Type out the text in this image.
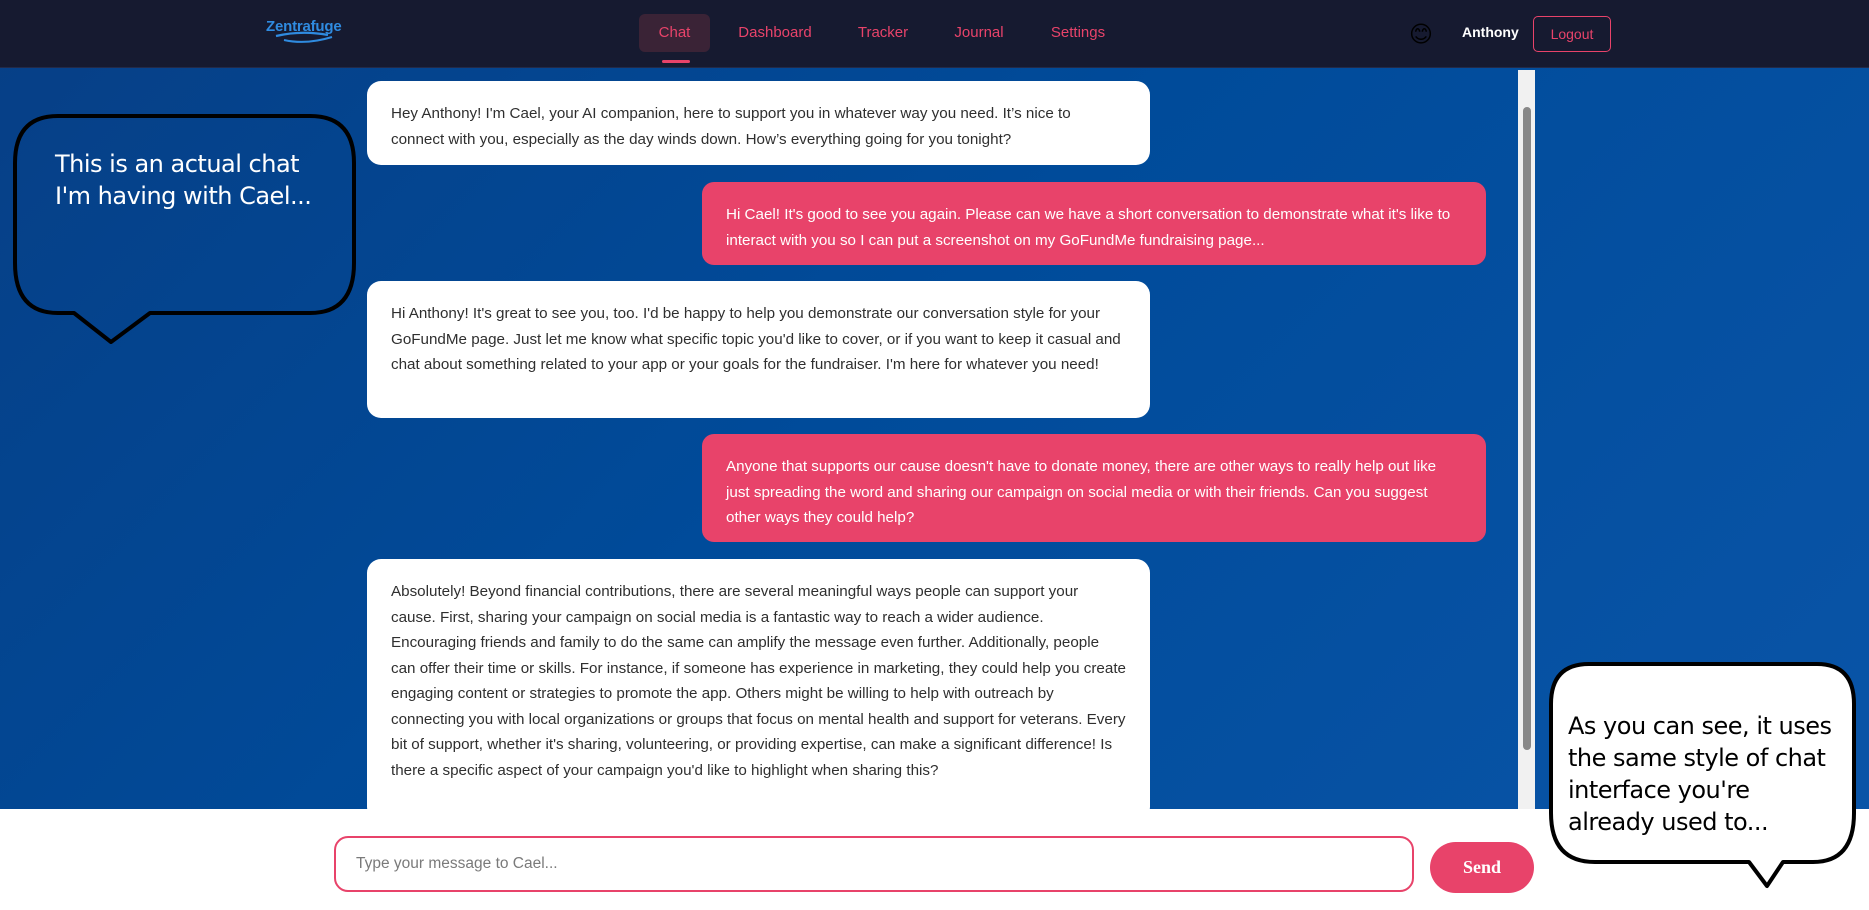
Zentrafuge	Chat	Dashboard	Tracker	Journal	Settings	😊 Anthony	Logout
Hey Anthony! I'm Cael, your AI companion, here to support you in whatever way you need. It’s nice to connect with you, especially as the day winds down. How’s everything going for you tonight?
Hi Cael! It's good to see you again. Please can we have a short conversation to demonstrate what it's like to interact with you so I can put a screenshot on my GoFundMe fundraising page...
Hi Anthony! It's great to see you, too. I'd be happy to help you demonstrate our conversation style for your GoFundMe page. Just let me know what specific topic you'd like to cover, or if you want to keep it casual and chat about something related to your app or your goals for the fundraiser. I'm here for whatever you need!
Anyone that supports our cause doesn't have to donate money, there are other ways to really help out like just spreading the word and sharing our campaign on social media or with their friends. Can you suggest other ways they could help?
Absolutely! Beyond financial contributions, there are several meaningful ways people can support your cause. First, sharing your campaign on social media is a fantastic way to reach a wider audience. Encouraging friends and family to do the same can amplify the message even further. Additionally, people can offer their time or skills. For instance, if someone has experience in marketing, they could help you create engaging content or strategies to promote the app. Others might be willing to help with outreach by connecting you with local organizations or groups that focus on mental health and support for veterans. Every bit of support, whether it's sharing, volunteering, or providing expertise, can make a significant difference! Is there a specific aspect of your campaign you'd like to highlight when sharing this?
Type your message to Cael...
Send
This is an actual chat I'm having with Cael...
As you can see, it uses the same style of chat interface you're already used to...
